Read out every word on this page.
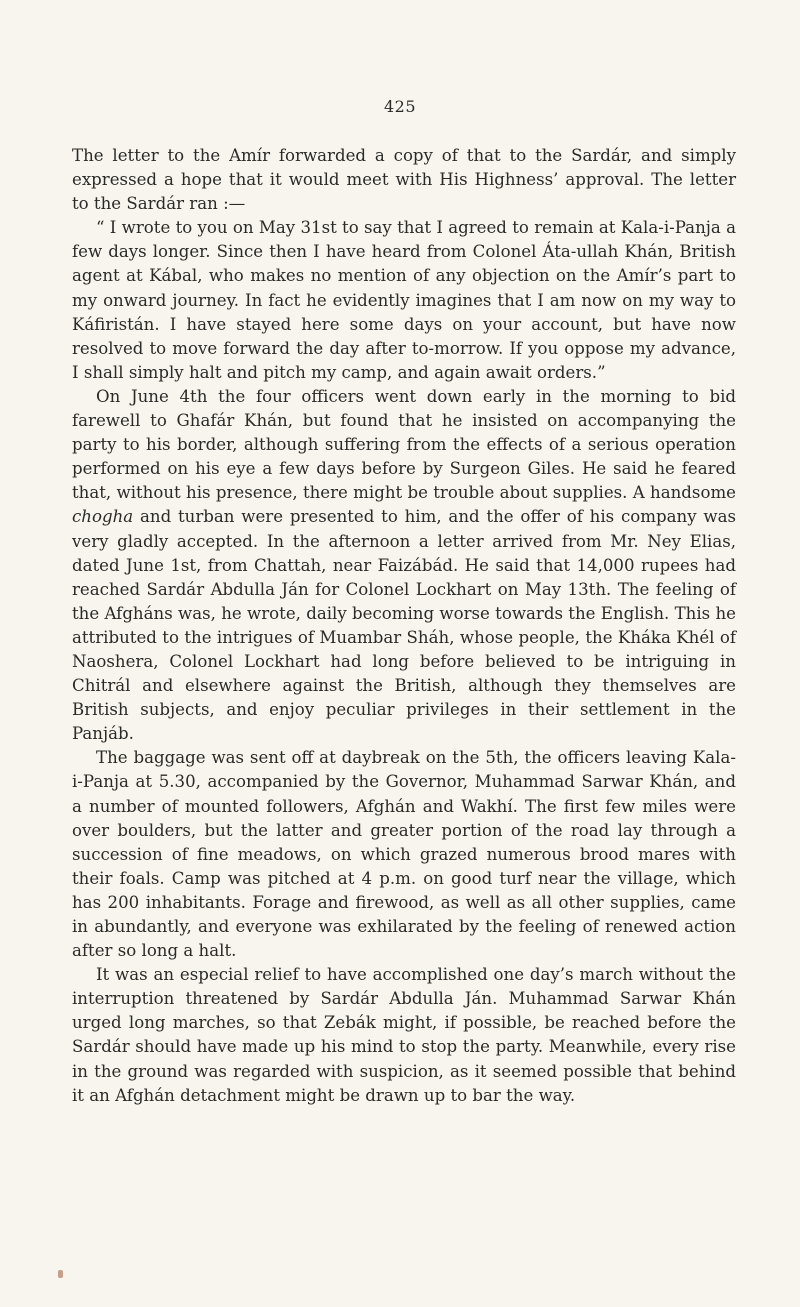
425

The letter to the Amír forwarded a copy of that to the Sardár, and simply expressed a hope that it would meet with His Highness’ approval. The letter to the Sardár ran :—

“ I wrote to you on May 31st to say that I agreed to remain at Kala-i-Panja a few days longer. Since then I have heard from Colonel Áta-ullah Khán, British agent at Kábal, who makes no mention of any objection on the Amír’s part to my onward journey. In fact he evidently imagines that I am now on my way to Káfiristán. I have stayed here some days on your account, but have now resolved to move forward the day after to-morrow. If you oppose my advance, I shall simply halt and pitch my camp, and again await orders.”

On June 4th the four officers went down early in the morning to bid farewell to Ghafár Khán, but found that he insisted on accompanying the party to his border, although suffering from the effects of a serious operation performed on his eye a few days before by Surgeon Giles. He said he feared that, without his presence, there might be trouble about supplies. A handsome chogha and turban were presented to him, and the offer of his company was very gladly accepted. In the afternoon a letter arrived from Mr. Ney Elias, dated June 1st, from Chattah, near Faizábád. He said that 14,000 rupees had reached Sardár Abdulla Ján for Colonel Lockhart on May 13th. The feeling of the Afgháns was, he wrote, daily becoming worse towards the English. This he attributed to the intrigues of Muambar Sháh, whose people, the Kháka Khél of Naoshera, Colonel Lockhart had long before believed to be intriguing in Chitrál and elsewhere against the British, although they themselves are British subjects, and enjoy peculiar privileges in their settlement in the Panjáb.

The baggage was sent off at daybreak on the 5th, the officers leaving Kala-i-Panja at 5.30, accompanied by the Governor, Muhammad Sarwar Khán, and a number of mounted followers, Afghán and Wakhí. The first few miles were over boulders, but the latter and greater portion of the road lay through a succession of fine meadows, on which grazed numerous brood mares with their foals. Camp was pitched at 4 p.m. on good turf near the village, which has 200 inhabitants. Forage and firewood, as well as all other supplies, came in abundantly, and everyone was exhilarated by the feeling of renewed action after so long a halt.

It was an especial relief to have accomplished one day’s march without the interruption threatened by Sardár Abdulla Ján. Muhammad Sarwar Khán urged long marches, so that Zebák might, if possible, be reached before the Sardár should have made up his mind to stop the party. Meanwhile, every rise in the ground was regarded with suspicion, as it seemed possible that behind it an Afghán detachment might be drawn up to bar the way.
